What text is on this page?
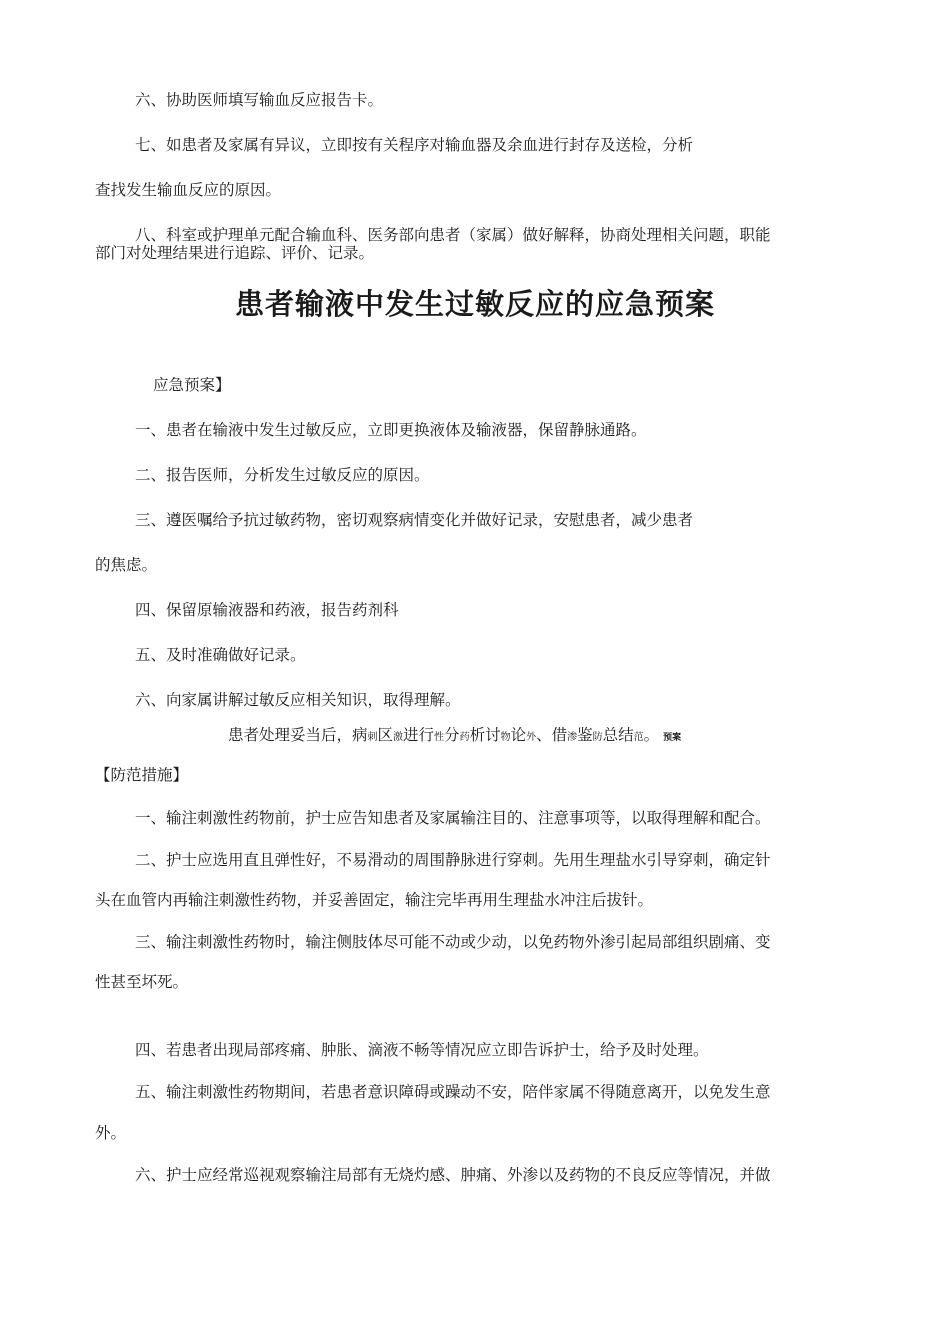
六、协助医师填写输血反应报告卡。
七、如患者及家属有异议，立即按有关程序对输血器及余血进行封存及送检，分析
查找发生输血反应的原因。
八、科室或护理单元配合输血科、医务部向患者（家属）做好解释，协商处理相关问题，职能
部门对处理结果进行追踪、评价、记录。
患者输液中发生过敏反应的应急预案
应急预案】
一、患者在输液中发生过敏反应，立即更换液体及输液器，保留静脉通路。
二、报告医师，分析发生过敏反应的原因。
三、遵医嘱给予抗过敏药物，密切观察病情变化并做好记录，安慰患者，减少患者
的焦虑。
四、保留原输液器和药液，报告药剂科
五、及时准确做好记录。
六、向家属讲解过敏反应相关知识，取得理解。
患者处理妥当后，病刺区激进行性分药析讨物论外、借渗鉴防总结范。 预案
【防范措施】
一、输注刺激性药物前，护士应告知患者及家属输注目的、注意事项等，以取得理解和配合。
二、护士应选用直且弹性好，不易滑动的周围静脉进行穿刺。先用生理盐水引导穿刺，确定针
头在血管内再输注刺激性药物，并妥善固定，输注完毕再用生理盐水冲注后拔针。
三、输注刺激性药物时，输注侧肢体尽可能不动或少动，以免药物外渗引起局部组织剧痛、变
性甚至坏死。
四、若患者出现局部疼痛、肿胀、滴液不畅等情况应立即告诉护士，给予及时处理。
五、输注刺激性药物期间，若患者意识障碍或躁动不安，陪伴家属不得随意离开，以免发生意
外。
六、护士应经常巡视观察输注局部有无烧灼感、肿痛、外渗以及药物的不良反应等情况，并做
